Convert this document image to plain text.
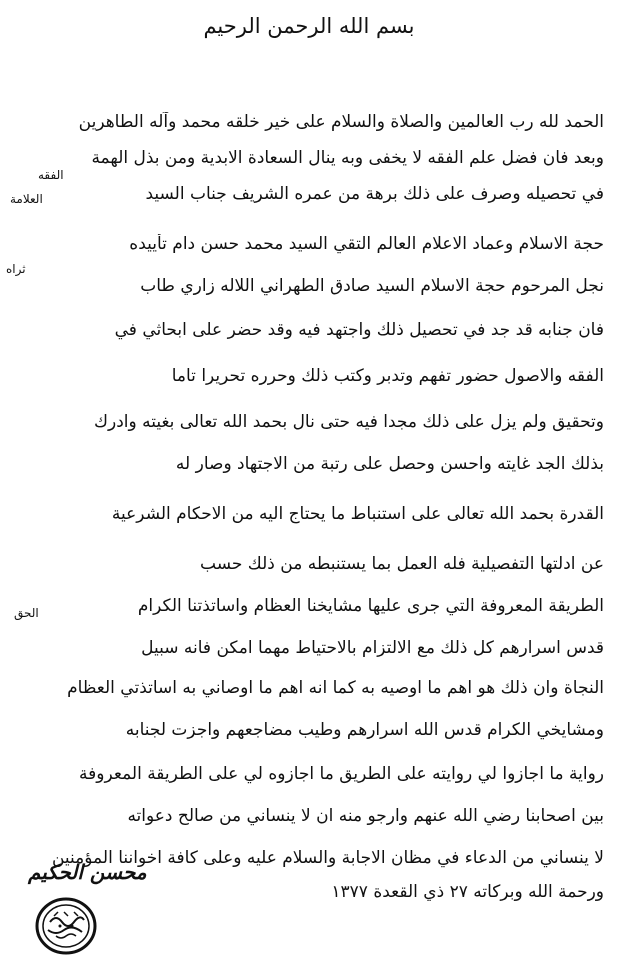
بسم الله الرحمن الرحيم
الحمد لله رب العالمين والصلاة والسلام على خير خلقه محمد وآله الطاهرين
وبعد فان فضل علم الفقه لا يخفى وبه ينال السعادة الابدية ومن بذل الهمة
في تحصيله وصرف على ذلك برهة من عمره الشريف جناب السيد
حجة الاسلام وعماد الاعلام العالم التقي السيد محمد حسن دام تأييده
نجل المرحوم حجة الاسلام السيد صادق الطهراني اللاله زاري طاب
فان جنابه قد جد في تحصيل ذلك واجتهد فيه وقد حضر على ابحاثي في
الفقه والاصول حضور تفهم وتدبر وكتب ذلك وحرره تحريرا تاما
وتحقيق ولم يزل على ذلك مجدا فيه حتى نال بحمد الله تعالى بغيته وادرك
بذلك الجد غايته واحسن وحصل على رتبة من الاجتهاد وصار له
القدرة بحمد الله تعالى على استنباط ما يحتاج اليه من الاحكام الشرعية
عن ادلتها التفصيلية فله العمل بما يستنبطه من ذلك حسب
الطريقة المعروفة التي جرى عليها مشايخنا العظام واساتذتنا الكرام
قدس اسرارهم كل ذلك مع الالتزام بالاحتياط مهما امكن فانه سبيل
النجاة وان ذلك هو اهم ما اوصيه به كما انه اهم ما اوصاني به اساتذتي العظام
ومشايخي الكرام قدس الله اسرارهم وطيب مضاجعهم واجزت لجنابه
رواية ما اجازوا لي روايته على الطريق ما اجازوه لي على الطريقة المعروفة
بين اصحابنا رضي الله عنهم وارجو منه ان لا ينساني من صالح دعواته
لا ينساني من الدعاء في مظان الاجابة والسلام عليه وعلى كافة اخواننا المؤمنين
ورحمة الله وبركاته ٢٧ ذي القعدة ١٣٧٧
الفقه
العلامة
ثراه
الحق
محسن الحكيم
